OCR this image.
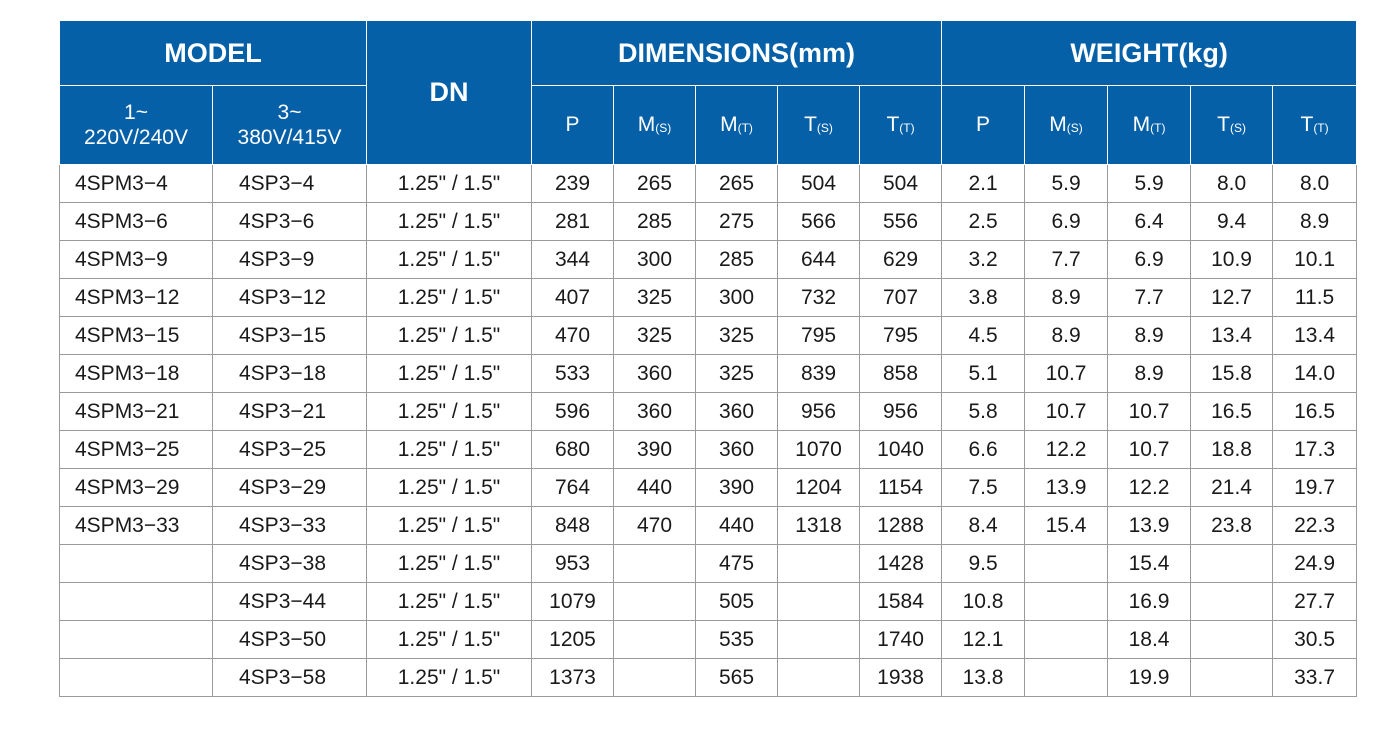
MODEL		DN	DIMENSIONS(mm)					WEIGHT(kg)				

1~
220V/240V	3~
380V/415V		P	$M_{(S)}$	$M_{(T)}$	$T_{(S)}$	$T_{(T)}$	P	$M_{(S)}$	$M_{(T)}$	$T_{(S)}$	$T_{(T)}$
4SPM3−4	4SP3−4	1.25" / 1.5"	239	265	265	504	504	2.1	5.9	5.9	8.0	8.0
4SPM3−6	4SP3−6	1.25" / 1.5"	281	285	275	566	556	2.5	6.9	6.4	9.4	8.9
4SPM3−9	4SP3−9	1.25" / 1.5"	344	300	285	644	629	3.2	7.7	6.9	10.9	10.1
4SPM3−12	4SP3−12	1.25" / 1.5"	407	325	300	732	707	3.8	8.9	7.7	12.7	11.5
4SPM3−15	4SP3−15	1.25" / 1.5"	470	325	325	795	795	4.5	8.9	8.9	13.4	13.4
4SPM3−18	4SP3−18	1.25" / 1.5"	533	360	325	839	858	5.1	10.7	8.9	15.8	14.0
4SPM3−21	4SP3−21	1.25" / 1.5"	596	360	360	956	956	5.8	10.7	10.7	16.5	16.5
4SPM3−25	4SP3−25	1.25" / 1.5"	680	390	360	1070	1040	6.6	12.2	10.7	18.8	17.3
4SPM3−29	4SP3−29	1.25" / 1.5"	764	440	390	1204	1154	7.5	13.9	12.2	21.4	19.7
4SPM3−33	4SP3−33	1.25" / 1.5"	848	470	440	1318	1288	8.4	15.4	13.9	23.8	22.3
	4SP3−38	1.25" / 1.5"	953		475		1428	9.5		15.4		24.9
	4SP3−44	1.25" / 1.5"	1079		505		1584	10.8		16.9		27.7
	4SP3−50	1.25" / 1.5"	1205		535		1740	12.1		18.4		30.5
	4SP3−58	1.25" / 1.5"	1373		565		1938	13.8		19.9		33.7
